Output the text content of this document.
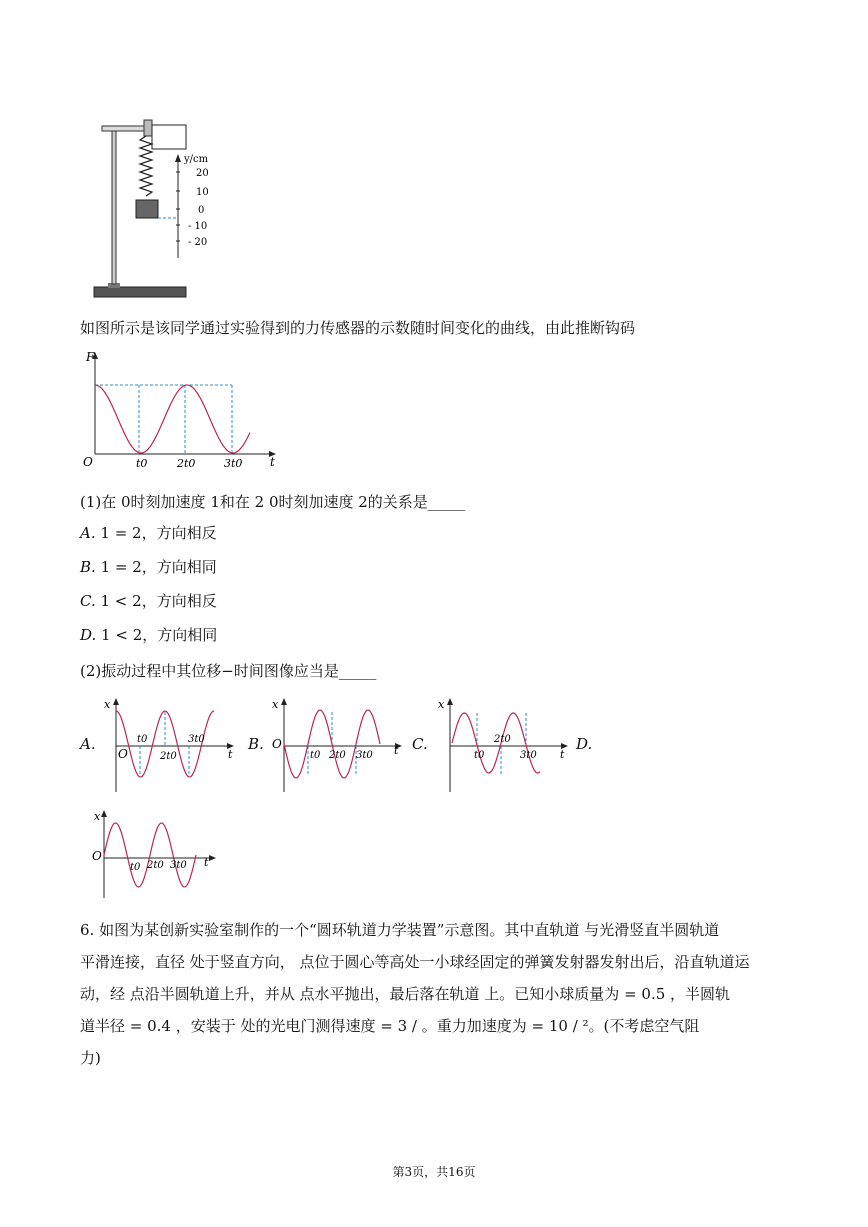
y/cm
20
10
0
- 10
- 20
如图所示是该同学通过实验得到的力传感器的示数随时间变化的曲线，由此推断钩码
F
O	t0	2t0	3t0 t
(1)在 0时刻加速度 1和在 2 0时刻加速度 2的关系是_____
A. 1 = 2，方向相反
B. 1 = 2，方向相同
C. 1 < 2，方向相反
D. 1 < 2，方向相同
(2)振动过程中其位移−时间图像应当是_____
A.	B.	C.	D.
x
O	t
t0
2t0
3t0
x
O	t
t0 2t0 3t0
x
t
t0
2t0
3t0
x
O	t
t0 2t0 3t0
6. 如图为某创新实验室制作的一个“圆环轨道力学装置”示意图。其中直轨道 与光滑竖直半圆轨道
平滑连接，直径 处于竖直方向， 点位于圆心等高处一小球经固定的弹簧发射器发射出后，沿直轨道运
动，经 点沿半圆轨道上升，并从 点水平抛出，最后落在轨道 上。已知小球质量为 = 0.5 ，半圆轨
道半径 = 0.4 ，安装于 处的光电门测得速度 = 3 / 。重力加速度为 = 10 / ²。(不考虑空气阻
力)
第3页，共16页
